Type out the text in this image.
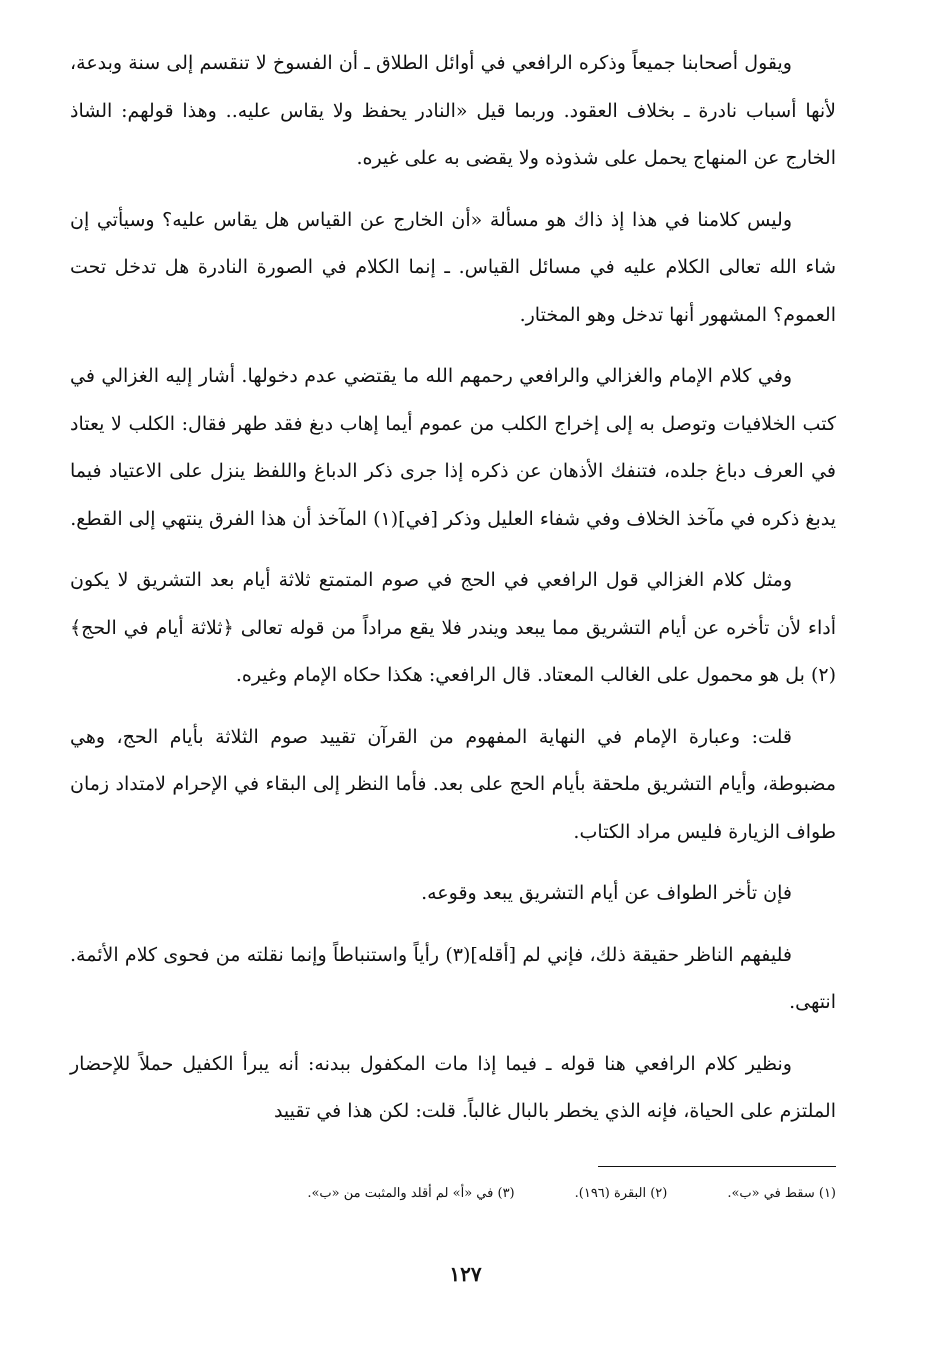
ويقول أصحابنا جميعاً وذكره الرافعي في أوائل الطلاق ـ أن الفسوخ لا تنقسم إلى سنة وبدعة، لأنها أسباب نادرة ـ بخلاف العقود. وربما قيل «النادر يحفظ ولا يقاس عليه.. وهذا قولهم: الشاذ الخارج عن المنهاج يحمل على شذوذه ولا يقضى به على غيره.

وليس كلامنا في هذا إذ ذاك هو مسألة «أن الخارج عن القياس هل يقاس عليه؟ وسيأتي إن شاء الله تعالى الكلام عليه في مسائل القياس. ـ إنما الكلام في الصورة النادرة هل تدخل تحت العموم؟ المشهور أنها تدخل وهو المختار.

وفي كلام الإمام والغزالي والرافعي رحمهم الله ما يقتضي عدم دخولها. أشار إليه الغزالي في كتب الخلافيات وتوصل به إلى إخراج الكلب من عموم أيما إهاب دبغ فقد طهر فقال: الكلب لا يعتاد في العرف دباغ جلده، فتنفك الأذهان عن ذكره إذا جرى ذكر الدباغ واللفظ ينزل على الاعتياد فيما يدبغ ذكره في مآخذ الخلاف وفي شفاء العليل وذكر [في](١) المآخذ أن هذا الفرق ينتهي إلى القطع.

ومثل كلام الغزالي قول الرافعي في الحج في صوم المتمتع ثلاثة أيام بعد التشريق لا يكون أداء لأن تأخره عن أيام التشريق مما يبعد ويندر فلا يقع مراداً من قوله تعالى ﴿ثلاثة أيام في الحج﴾(٢) بل هو محمول على الغالب المعتاد. قال الرافعي: هكذا حكاه الإمام وغيره.

قلت: وعبارة الإمام في النهاية المفهوم من القرآن تقييد صوم الثلاثة بأيام الحج، وهي مضبوطة، وأيام التشريق ملحقة بأيام الحج على بعد. فأما النظر إلى البقاء في الإحرام لامتداد زمان طواف الزيارة فليس مراد الكتاب.

فإن تأخر الطواف عن أيام التشريق يبعد وقوعه.

فليفهم الناظر حقيقة ذلك، فإني لم [أقله](٣) رأياً واستنباطاً وإنما نقلته من فحوى كلام الأئمة. انتهى.

ونظير كلام الرافعي هنا قوله ـ فيما إذا مات المكفول ببدنه: أنه يبرأ الكفيل حملاً للإحضار الملتزم على الحياة، فإنه الذي يخطر بالبال غالباً. قلت: لكن هذا في تقييد

(١) سقط في «ب».
(٢) البقرة (١٩٦).
(٣) في «أ» لم أقلد والمثبت من «ب».
١٢٧
